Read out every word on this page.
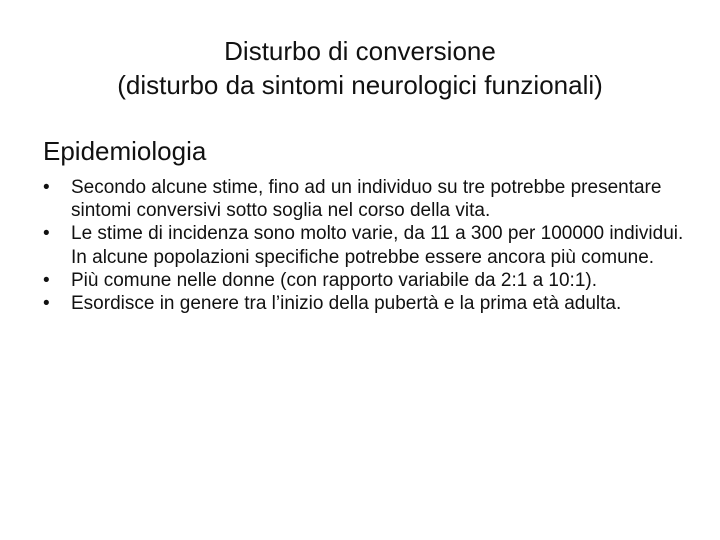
Disturbo di conversione
(disturbo da sintomi neurologici funzionali)
Epidemiologia
•	Secondo alcune stime, fino ad un individuo su tre potrebbe presentare sintomi conversivi sotto soglia nel corso della vita.
•	Le stime di incidenza sono molto varie, da 11 a 300 per 100000 individui. In alcune popolazioni specifiche potrebbe essere ancora più comune.
•	Più comune nelle donne (con rapporto variabile da 2:1 a 10:1).
•	Esordisce in genere tra l’inizio della pubertà e la prima età adulta.
